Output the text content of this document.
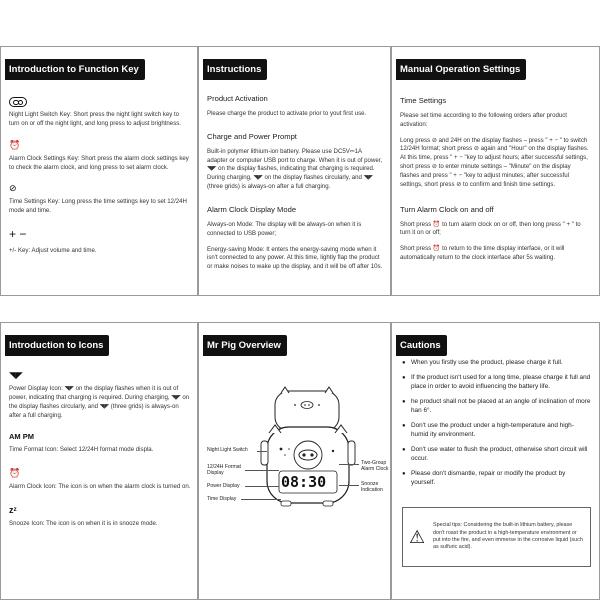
Introduction to Function Key
Night Light Switch Key: Short press the night light switch key to turn on or off the night light, and long press to adjust brightness.
⏰
Alarm Clock Settings Key: Short press the alarm clock settings key to check the alarm clock, and long press to set alarm clock.
⊘
Time Settings Key: Long press the time settings key to set 12/24H mode and time.
+ −
+/- Key: Adjust volume and time.
Instructions
Product Activation
Please charge the product to activate prior to yout first use.
Charge and Power Prompt
Built-in polymer lithium-ion battery. Please use DC5V⎓1A adapter or computer USB port to charge. When it is out of power, ◥◤ on the display flashes, indicating that charging is required. During charging, ◥◤ on the display flashes circularly, and ◥◤ (three grids) is always-on after a full charging.
Alarm Clock Display Mode
Always-on Mode: The display will be always-on when it is connected to USB power;
Energy-saving Mode: It enters the energy-saving mode when it isn't connected to any power. At this time, lightly flap the product or make noises to wake up the display, and it will be off after 10s.
Manual Operation Settings
Time Settings
Please set time according to the following orders after product activation:
Long press ⊘ and 24H on the display flashes – press " + − " to switch 12/24H format; short press ⊘ again and "Hour" on the display flashes. At this time, press " + − "key to adjust hours; after successful settings, short press ⊘ to enter minute settings – "Minute" on the display flashes and press " + − "key to adjust minutes; after successful settings, short press ⊘ to confirm and finish time settings.
Turn Alarm Clock on and off
Short press ⏰ to turn alarm clock on or off, then long press " + " to turn it on or off;
Short press ⏰ to return to the time display interface, or it will automatically return to the clock interface after 5s waiting.
Introduction to Icons
◥◤
Power Display Icon: ◥◤ on the display flashes when it is out of power, indicating that charging is required. During charging, ◥◤ on the display flashes circularly, and ◥◤ (three grids) is always-on after a full charging.
AM PM
Time Format Icon: Select 12/24H format mode displa.
⏰
Alarm Clock Icon: The icon is on when the alarm clock is turned on.
zᶻ
Snooze Icon: The icon is on when it is in snooze mode.
Mr Pig Overview
08:30
Night Light Switch
12/24H Format
Display
Power Display
Time Display
Two-Group
Alarm Clock
Snooze
Indication
Cautions
● When you firstly use the product, please charge it full.
● If the product isn't used for a long time, please charge it full and place in order to avoid influencing the battery life.
● he product shall not be placed at an angle of inclination of more han 6°.
● Don't use the product under a high-temperature and high-humid ity environment.
● Don't use water to flush the product, otherwise short circuit will occur.
● Please don't dismantle, repair or modify the product by yourself.
⚠
Special tips: Considering the built-in lithium battery, please don't roast the product in a high-temperature environment or put into the fire, and even immerse in the corrosive liquid (such as sulfuric acid).
